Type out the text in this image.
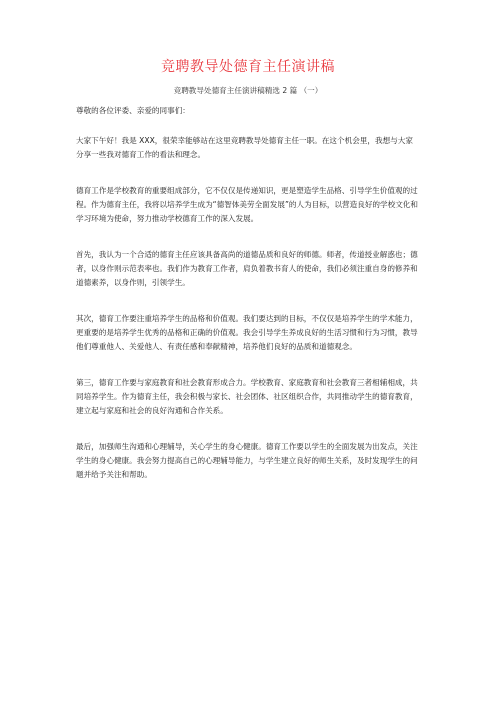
竞聘教导处德育主任演讲稿
竞聘教导处德育主任演讲稿精选 2 篇 （一）

尊敬的各位评委、亲爱的同事们：

大家下午好！我是 XXX，很荣幸能够站在这里竞聘教导处德育主任一职。在这个机会里，我想与大家分享一些我对德育工作的看法和理念。

德育工作是学校教育的重要组成部分，它不仅仅是传递知识，更是塑造学生品格、引导学生价值观的过程。作为德育主任，我将以培养学生成为“德智体美劳全面发展”的人为目标，以营造良好的学校文化和学习环境为使命，努力推动学校德育工作的深入发展。

首先，我认为一个合适的德育主任应该具备高尚的道德品质和良好的师德。师者，传道授业解惑也；德者，以身作则示范表率也。我们作为教育工作者，肩负着教书育人的使命，我们必须注重自身的修养和道德素养，以身作则，引领学生。

其次，德育工作要注重培养学生的品格和价值观。我们要达到的目标，不仅仅是培养学生的学术能力，更重要的是培养学生优秀的品格和正确的价值观。我会引导学生养成良好的生活习惯和行为习惯，教导他们尊重他人、关爱他人、有责任感和奉献精神，培养他们良好的品质和道德观念。

第三，德育工作要与家庭教育和社会教育形成合力。学校教育、家庭教育和社会教育三者相辅相成，共同培养学生。作为德育主任，我会积极与家长、社会团体、社区组织合作，共同推动学生的德育教育，建立起与家庭和社会的良好沟通和合作关系。

最后，加强师生沟通和心理辅导，关心学生的身心健康。德育工作要以学生的全面发展为出发点，关注学生的身心健康。我会努力提高自己的心理辅导能力，与学生建立良好的师生关系，及时发现学生的问题并给予关注和帮助。
